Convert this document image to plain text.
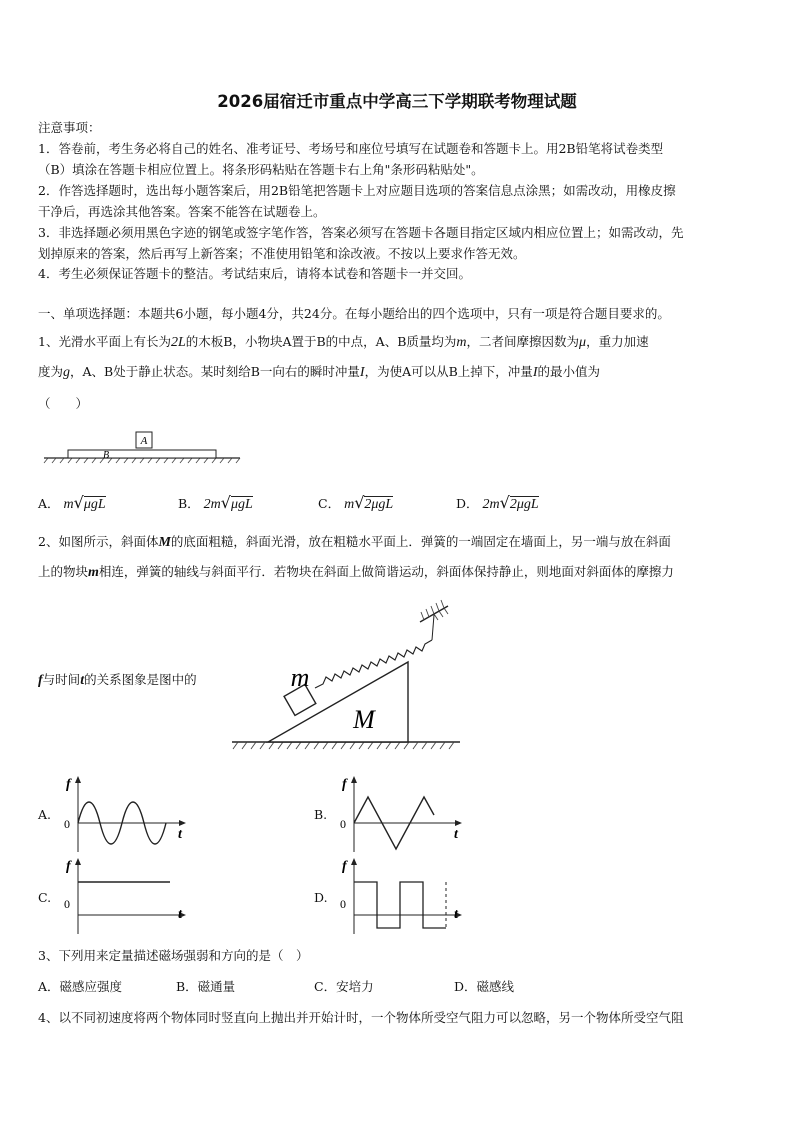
2026届宿迁市重点中学高三下学期联考物理试题
注意事项：
1．答卷前，考生务必将自己的姓名、准考证号、考场号和座位号填写在试题卷和答题卡上。用2B铅笔将试卷类型
（B）填涂在答题卡相应位置上。将条形码粘贴在答题卡右上角"条形码粘贴处"。
2．作答选择题时，选出每小题答案后，用2B铅笔把答题卡上对应题目选项的答案信息点涂黑；如需改动，用橡皮擦
干净后，再选涂其他答案。答案不能答在试题卷上。
3．非选择题必须用黑色字迹的钢笔或签字笔作答，答案必须写在答题卡各题目指定区域内相应位置上；如需改动，先
划掉原来的答案，然后再写上新答案；不准使用铅笔和涂改液。不按以上要求作答无效。
4．考生必须保证答题卡的整洁。考试结束后，请将本试卷和答题卡一并交回。
一、单项选择题：本题共6小题，每小题4分，共24分。在每小题给出的四个选项中，只有一项是符合题目要求的。
1、光滑水平面上有长为2L的木板B，小物块A置于B的中点，A、B质量均为m，二者间摩擦因数为μ，重力加速
度为g，A、B处于静止状态。某时刻给B一向右的瞬时冲量I，为使A可以从B上掉下，冲量I的最小值为
（　　）
A
B
A． m√μgL	B． 2m√μgL	C． m√2μgL	D． 2m√2μgL
2、如图所示，斜面体M的底面粗糙，斜面光滑，放在粗糙水平面上．弹簧的一端固定在墙面上，另一端与放在斜面
上的物块m相连，弹簧的轴线与斜面平行．若物块在斜面上做简谐运动，斜面体保持静止，则地面对斜面体的摩擦力
f与时间t的关系图象是图中的
M
m
A.	B.
C.	D.
f
0
t
f
0
t
f
0
t
f
0
t
3、下列用来定量描述磁场强弱和方向的是（　）
A．磁感应强度	B．磁通量	C．安培力	D．磁感线
4、以不同初速度将两个物体同时竖直向上抛出并开始计时，一个物体所受空气阻力可以忽略，另一个物体所受空气阻
